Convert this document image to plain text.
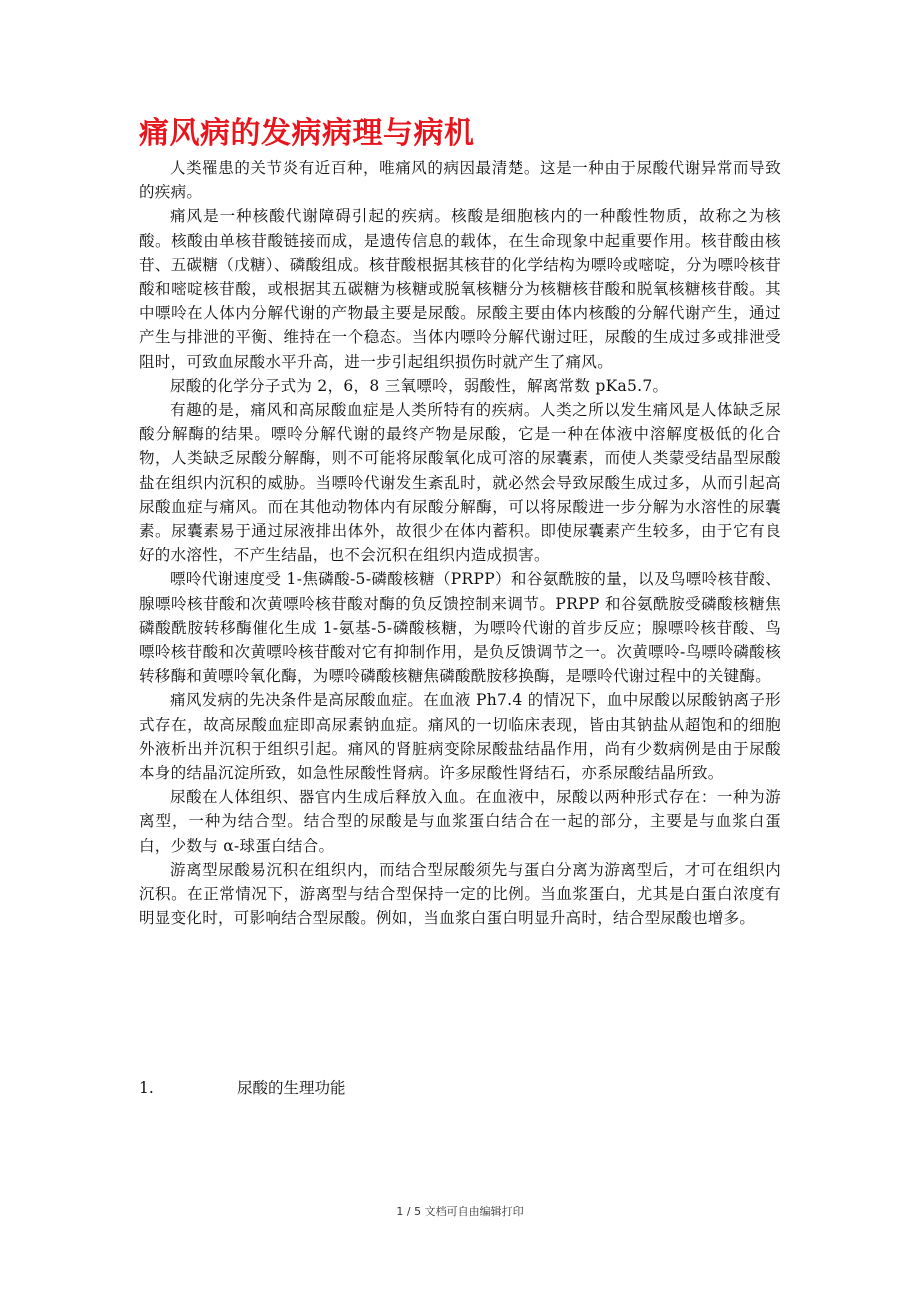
痛风病的发病病理与病机

人类罹患的关节炎有近百种，唯痛风的病因最清楚。这是一种由于尿酸代谢异常而导致的疾病。

痛风是一种核酸代谢障碍引起的疾病。核酸是细胞核内的一种酸性物质，故称之为核酸。核酸由单核苷酸链接而成，是遗传信息的载体，在生命现象中起重要作用。核苷酸由核苷、五碳糖（戊糖）、磷酸组成。核苷酸根据其核苷的化学结构为嘌呤或嘧啶，分为嘌呤核苷酸和嘧啶核苷酸，或根据其五碳糖为核糖或脱氧核糖分为核糖核苷酸和脱氧核糖核苷酸。其中嘌呤在人体内分解代谢的产物最主要是尿酸。尿酸主要由体内核酸的分解代谢产生，通过产生与排泄的平衡、维持在一个稳态。当体内嘌呤分解代谢过旺，尿酸的生成过多或排泄受阻时，可致血尿酸水平升高，进一步引起组织损伤时就产生了痛风。

尿酸的化学分子式为 2，6，8 三氧嘌呤，弱酸性，解离常数 pKa5.7。

有趣的是，痛风和高尿酸血症是人类所特有的疾病。人类之所以发生痛风是人体缺乏尿酸分解酶的结果。嘌呤分解代谢的最终产物是尿酸，它是一种在体液中溶解度极低的化合物，人类缺乏尿酸分解酶，则不可能将尿酸氧化成可溶的尿囊素，而使人类蒙受结晶型尿酸盐在组织内沉积的威胁。当嘌呤代谢发生紊乱时，就必然会导致尿酸生成过多，从而引起高尿酸血症与痛风。而在其他动物体内有尿酸分解酶，可以将尿酸进一步分解为水溶性的尿囊素。尿囊素易于通过尿液排出体外，故很少在体内蓄积。即使尿囊素产生较多，由于它有良好的水溶性，不产生结晶，也不会沉积在组织内造成损害。

嘌呤代谢速度受 1-焦磷酸-5-磷酸核糖（PRPP）和谷氨酰胺的量，以及鸟嘌呤核苷酸、腺嘌呤核苷酸和次黄嘌呤核苷酸对酶的负反馈控制来调节。PRPP 和谷氨酰胺受磷酸核糖焦磷酸酰胺转移酶催化生成 1-氨基-5-磷酸核糖，为嘌呤代谢的首步反应；腺嘌呤核苷酸、鸟嘌呤核苷酸和次黄嘌呤核苷酸对它有抑制作用，是负反馈调节之一。次黄嘌呤-鸟嘌呤磷酸核转移酶和黄嘌呤氧化酶，为嘌呤磷酸核糖焦磷酸酰胺移换酶，是嘌呤代谢过程中的关键酶。

痛风发病的先决条件是高尿酸血症。在血液 Ph7.4 的情况下，血中尿酸以尿酸钠离子形式存在，故高尿酸血症即高尿素钠血症。痛风的一切临床表现，皆由其钠盐从超饱和的细胞外液析出并沉积于组织引起。痛风的肾脏病变除尿酸盐结晶作用，尚有少数病例是由于尿酸本身的结晶沉淀所致，如急性尿酸性肾病。许多尿酸性肾结石，亦系尿酸结晶所致。

尿酸在人体组织、器官内生成后释放入血。在血液中，尿酸以两种形式存在：一种为游离型，一种为结合型。结合型的尿酸是与血浆蛋白结合在一起的部分，主要是与血浆白蛋白，少数与 α-球蛋白结合。

游离型尿酸易沉积在组织内，而结合型尿酸须先与蛋白分离为游离型后，才可在组织内沉积。在正常情况下，游离型与结合型保持一定的比例。当血浆蛋白，尤其是白蛋白浓度有明显变化时，可影响结合型尿酸。例如，当血浆白蛋白明显升高时，结合型尿酸也增多。

1.	尿酸的生理功能
1 / 5 文档可自由编辑打印
